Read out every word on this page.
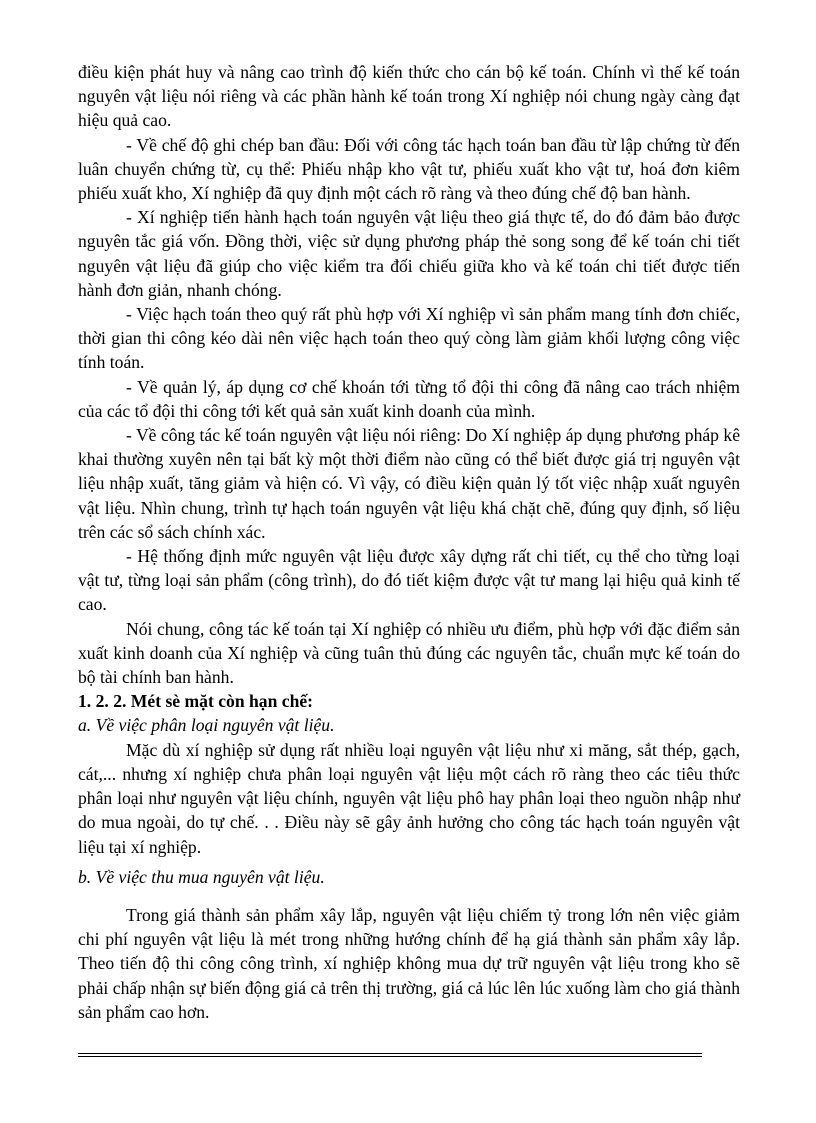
điều kiện phát huy và nâng cao trình độ kiến thức cho cán bộ kế toán. Chính vì thế kế toán nguyên vật liệu nói riêng và các phần hành kế toán trong Xí nghiệp nói chung ngày càng đạt hiệu quả cao.

- Về chế độ ghi chép ban đầu: Đối với công tác hạch toán ban đầu từ lập chứng từ đến luân chuyển chứng từ, cụ thể: Phiếu nhập kho vật tư, phiếu xuất kho vật tư, hoá đơn kiêm phiếu xuất kho, Xí nghiệp đã quy định một cách rõ ràng và theo đúng chế độ ban hành.

- Xí nghiệp tiến hành hạch toán nguyên vật liệu theo giá thực tế, do đó đảm bảo được nguyên tắc giá vốn. Đồng thời, việc sử dụng phương pháp thẻ song song để kế toán chi tiết nguyên vật liệu đã giúp cho việc kiểm tra đối chiếu giữa kho và kế toán chi tiết được tiến hành đơn giản, nhanh chóng.

- Việc hạch toán theo quý rất phù hợp với Xí nghiệp vì sản phẩm mang tính đơn chiếc, thời gian thi công kéo dài nên việc hạch toán theo quý còng làm giảm khối lượng công việc tính toán.

- Về quản lý, áp dụng cơ chế khoán tới từng tổ đội thi công đã nâng cao trách nhiệm của các tổ đội thi công tới kết quả sản xuất kinh doanh của mình.

- Về công tác kế toán nguyên vật liệu nói riêng: Do Xí nghiệp áp dụng phương pháp kê khai thường xuyên nên tại bất kỳ một thời điểm nào cũng có thể biết được giá trị nguyên vật liệu nhập xuất, tăng giảm và hiện có. Vì vậy, có điều kiện quản lý tốt việc nhập xuất nguyên vật liệu. Nhìn chung, trình tự hạch toán nguyên vật liệu khá chặt chẽ, đúng quy định, số liệu trên các sổ sách chính xác.

- Hệ thống định mức nguyên vật liệu được xây dựng rất chi tiết, cụ thể cho từng loại vật tư, từng loại sản phẩm (công trình), do đó tiết kiệm được vật tư mang lại hiệu quả kinh tế cao.

Nói chung, công tác kế toán tại Xí nghiệp có nhiều ưu điểm, phù hợp với đặc điểm sản xuất kinh doanh của Xí nghiệp và cũng tuân thủ đúng các nguyên tắc, chuẩn mực kế toán do bộ tài chính ban hành.

1. 2. 2. Mét sè mặt còn hạn chế:

a. Về việc phân loại nguyên vật liệu.

Mặc dù xí nghiệp sử dụng rất nhiều loại nguyên vật liệu như xi măng, sắt thép, gạch, cát,... nhưng xí nghiệp chưa phân loại nguyên vật liệu một cách rõ ràng theo các tiêu thức phân loại như nguyên vật liệu chính, nguyên vật liệu phô hay phân loại theo nguồn nhập như do mua ngoài, do tự chế. . . Điều này sẽ gây ảnh hưởng cho công tác hạch toán nguyên vật liệu tại xí nghiệp.

b. Về việc thu mua nguyên vật liệu.

Trong giá thành sản phẩm xây lắp, nguyên vật liệu chiếm tỷ trong lớn nên việc giảm chi phí nguyên vật liệu là mét trong những hướng chính để hạ giá thành sản phẩm xây lắp. Theo tiến độ thi công công trình, xí nghiệp không mua dự trữ nguyên vật liệu trong kho sẽ phải chấp nhận sự biến động giá cả trên thị trường, giá cả lúc lên lúc xuống làm cho giá thành sản phẩm cao hơn.
